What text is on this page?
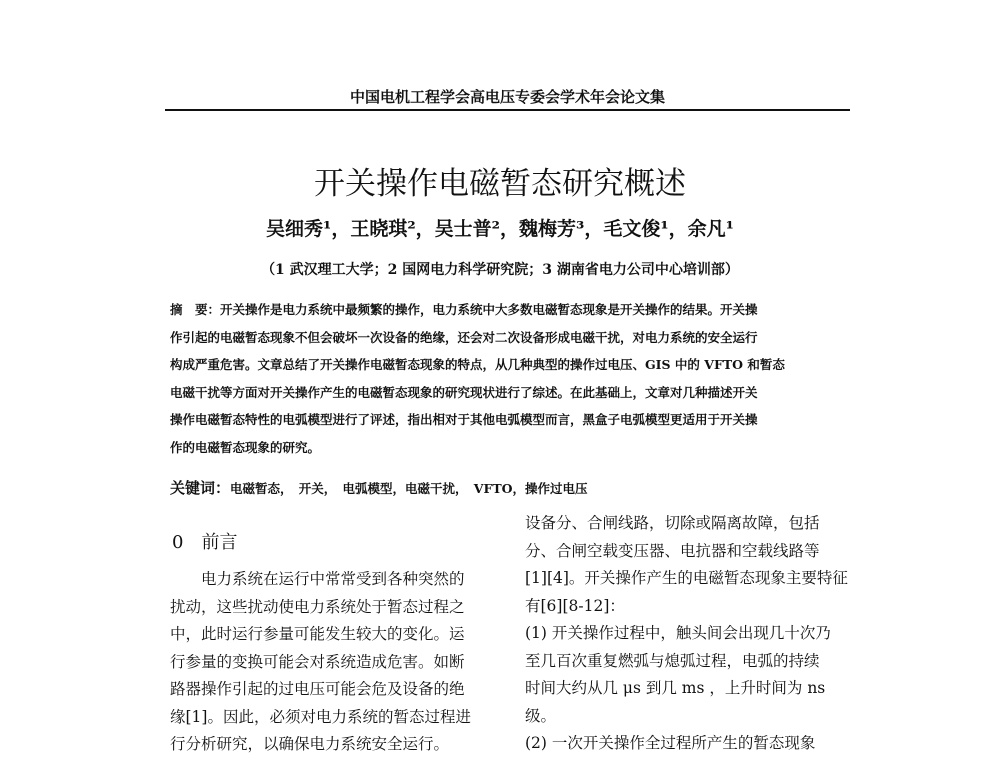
中国电机工程学会高电压专委会学术年会论文集
开关操作电磁暂态研究概述
吴细秀¹，王晓琪²，吴士普²，魏梅芳³，毛文俊¹，余凡¹
（1 武汉理工大学；2 国网电力科学研究院；3 湖南省电力公司中心培训部）
摘　要：开关操作是电力系统中最频繁的操作，电力系统中大多数电磁暂态现象是开关操作的结果。开关操
作引起的电磁暂态现象不但会破坏一次设备的绝缘，还会对二次设备形成电磁干扰，对电力系统的安全运行
构成严重危害。文章总结了开关操作电磁暂态现象的特点，从几种典型的操作过电压、GIS 中的 VFTO 和暂态
电磁干扰等方面对开关操作产生的电磁暂态现象的研究现状进行了综述。在此基础上，文章对几种描述开关
操作电磁暂态特性的电弧模型进行了评述，指出相对于其他电弧模型而言，黑盒子电弧模型更适用于开关操
作的电磁暂态现象的研究。
关键词：电磁暂态，　开关，　电弧模型，电磁干扰，　VFTO，操作过电压
0　前言
　　电力系统在运行中常常受到各种突然的
扰动，这些扰动使电力系统处于暂态过程之
中，此时运行参量可能发生较大的变化。运
行参量的变换可能会对系统造成危害。如断
路器操作引起的过电压可能会危及设备的绝
缘[1]。因此，必须对电力系统的暂态过程进
行分析研究，以确保电力系统安全运行。
设备分、合闸线路，切除或隔离故障，包括
分、合闸空载变压器、电抗器和空载线路等
[1][4]。开关操作产生的电磁暂态现象主要特征
有[6][8-12]：
(1) 开关操作过程中，触头间会出现几十次乃
至几百次重复燃弧与熄弧过程，电弧的持续
时间大约从几 μs 到几 ms ，上升时间为 ns
级。
(2) 一次开关操作全过程所产生的暂态现象
